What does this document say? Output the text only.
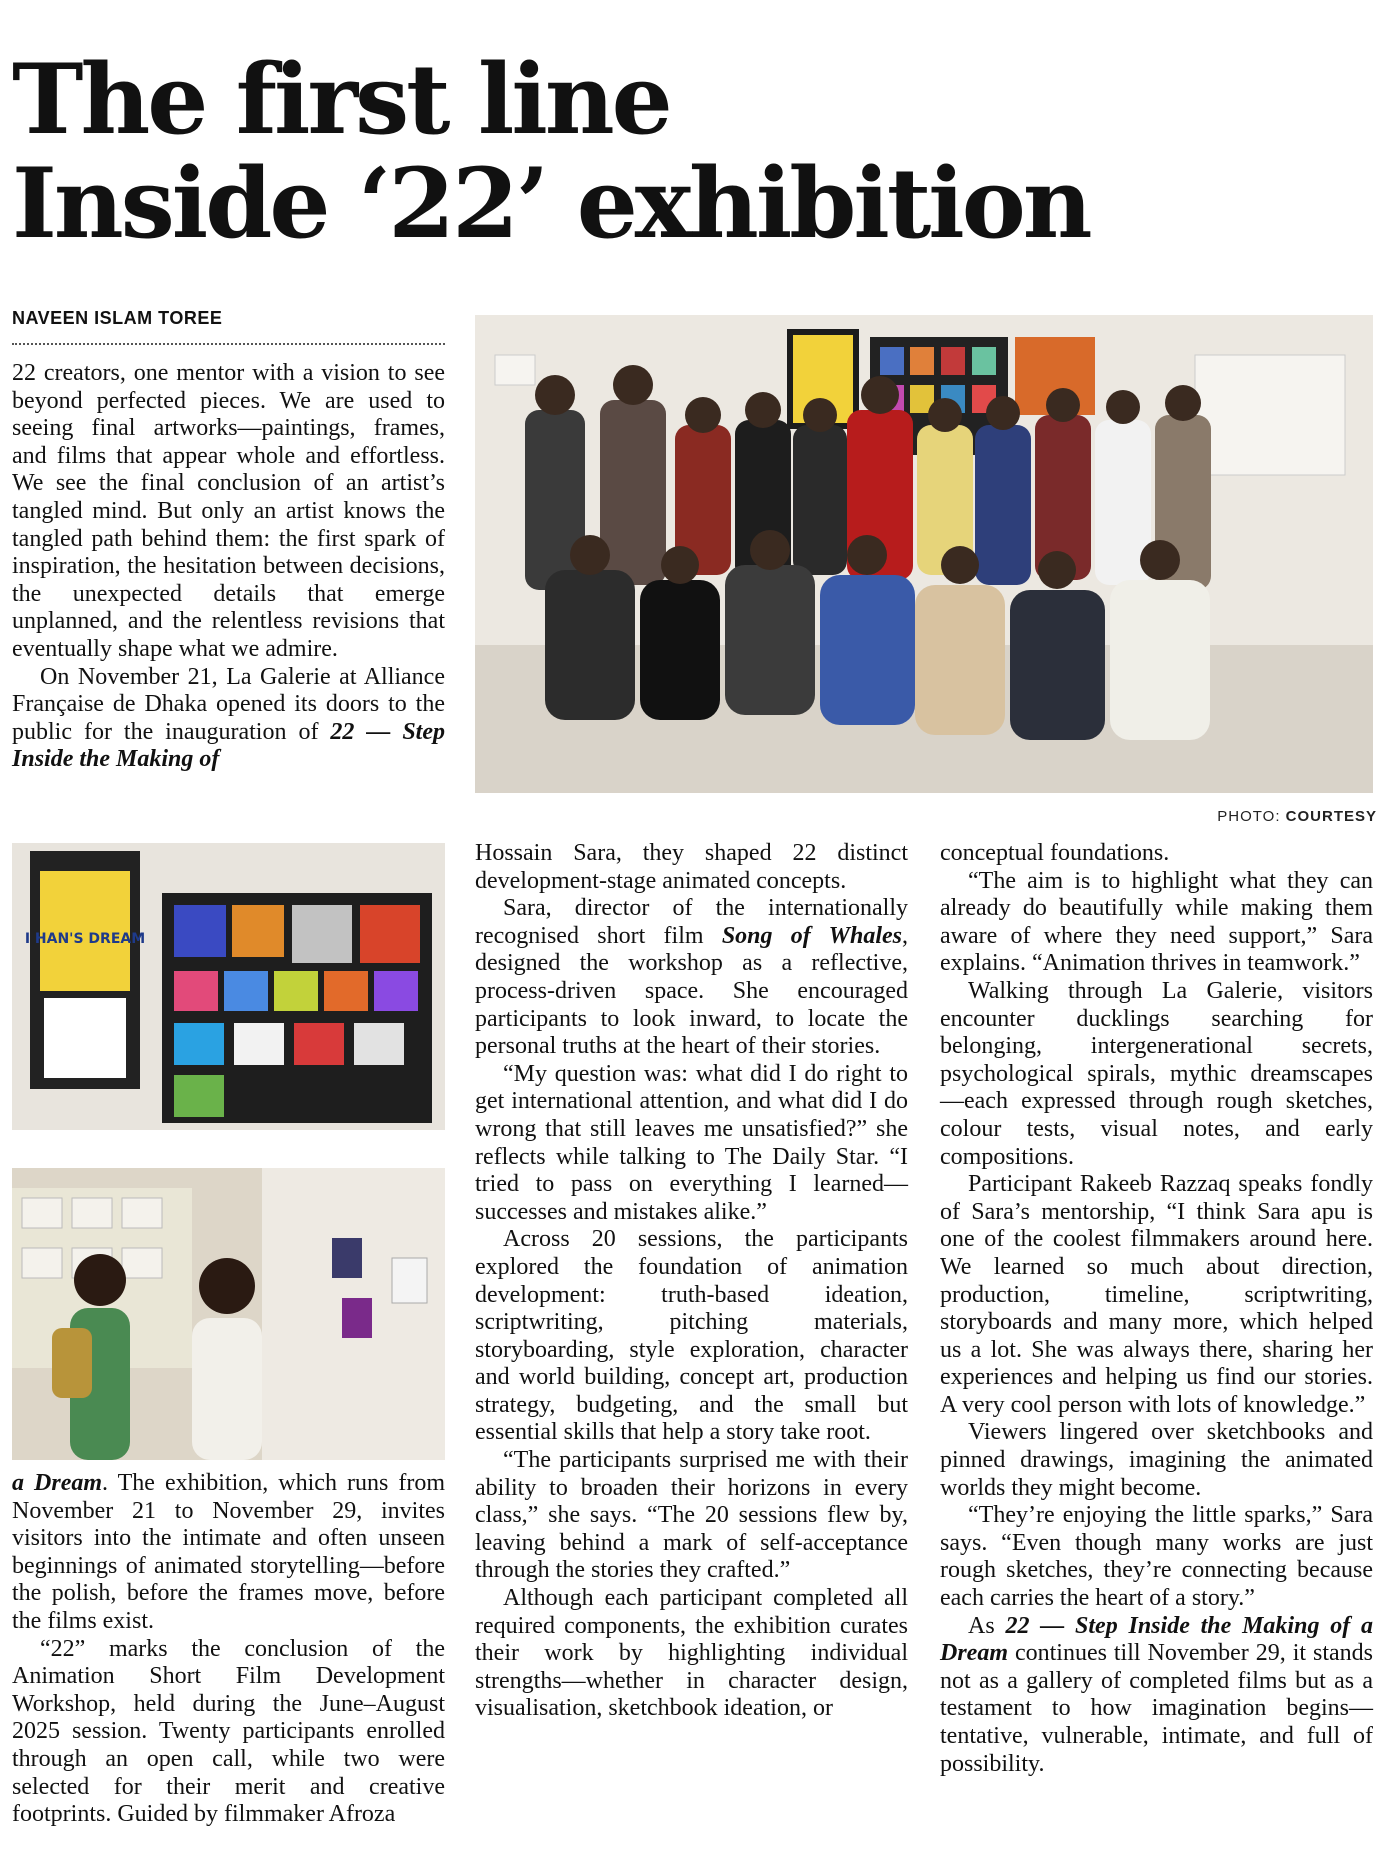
The first line
Inside ‘22’ exhibition
NAVEEN ISLAM TOREE

22 creators, one mentor with a vision to see beyond perfected pieces. We are used to seeing final artworks—paintings, frames, and films that appear whole and effortless. We see the final conclusion of an artist’s tangled mind. But only an artist knows the tangled path behind them: the first spark of inspiration, the hesitation between decisions, the unexpected details that emerge unplanned, and the relentless revisions that eventually shape what we admire.

On November 21, La Galerie at Alliance Française de Dhaka opened its doors to the public for the inauguration of 22 — Step Inside the Making of

PHOTO: COURTESY
I HAN'S DREAM

a Dream. The exhibition, which runs from November 21 to November 29, invites visitors into the intimate and often unseen beginnings of animated storytelling—before the polish, before the frames move, before the films exist.

“22” marks the conclusion of the Animation Short Film Development Workshop, held during the June–August 2025 session. Twenty participants enrolled through an open call, while two were selected for their merit and creative footprints. Guided by filmmaker Afroza

Hossain Sara, they shaped 22 distinct development-stage animated concepts.

Sara, director of the internationally recognised short film Song of Whales, designed the workshop as a reflective, process-driven space. She encouraged participants to look inward, to locate the personal truths at the heart of their stories.

“My question was: what did I do right to get international attention, and what did I do wrong that still leaves me unsatisfied?” she reflects while talking to The Daily Star. “I tried to pass on everything I learned—successes and mistakes alike.”

Across 20 sessions, the participants explored the foundation of animation development: truth-based ideation, scriptwriting, pitching materials, storyboarding, style exploration, character and world building, concept art, production strategy, budgeting, and the small but essential skills that help a story take root.

“The participants surprised me with their ability to broaden their horizons in every class,” she says. “The 20 sessions flew by, leaving behind a mark of self-acceptance through the stories they crafted.”

Although each participant completed all required components, the exhibition curates their work by highlighting individual strengths—whether in character design, visualisation, sketchbook ideation, or

conceptual foundations.

“The aim is to highlight what they can already do beautifully while making them aware of where they need support,” Sara explains. “Animation thrives in teamwork.”

Walking through La Galerie, visitors encounter ducklings searching for belonging, intergenerational secrets, psychological spirals, mythic dreamscapes—each expressed through rough sketches, colour tests, visual notes, and early compositions.

Participant Rakeeb Razzaq speaks fondly of Sara’s mentorship, “I think Sara apu is one of the coolest filmmakers around here. We learned so much about direction, production, timeline, scriptwriting, storyboards and many more, which helped us a lot. She was always there, sharing her experiences and helping us find our stories. A very cool person with lots of knowledge.”

Viewers lingered over sketchbooks and pinned drawings, imagining the animated worlds they might become.

“They’re enjoying the little sparks,” Sara says. “Even though many works are just rough sketches, they’re connecting because each carries the heart of a story.”

As 22 — Step Inside the Making of a Dream continues till November 29, it stands not as a gallery of completed films but as a testament to how imagination begins—tentative, vulnerable, intimate, and full of possibility.
